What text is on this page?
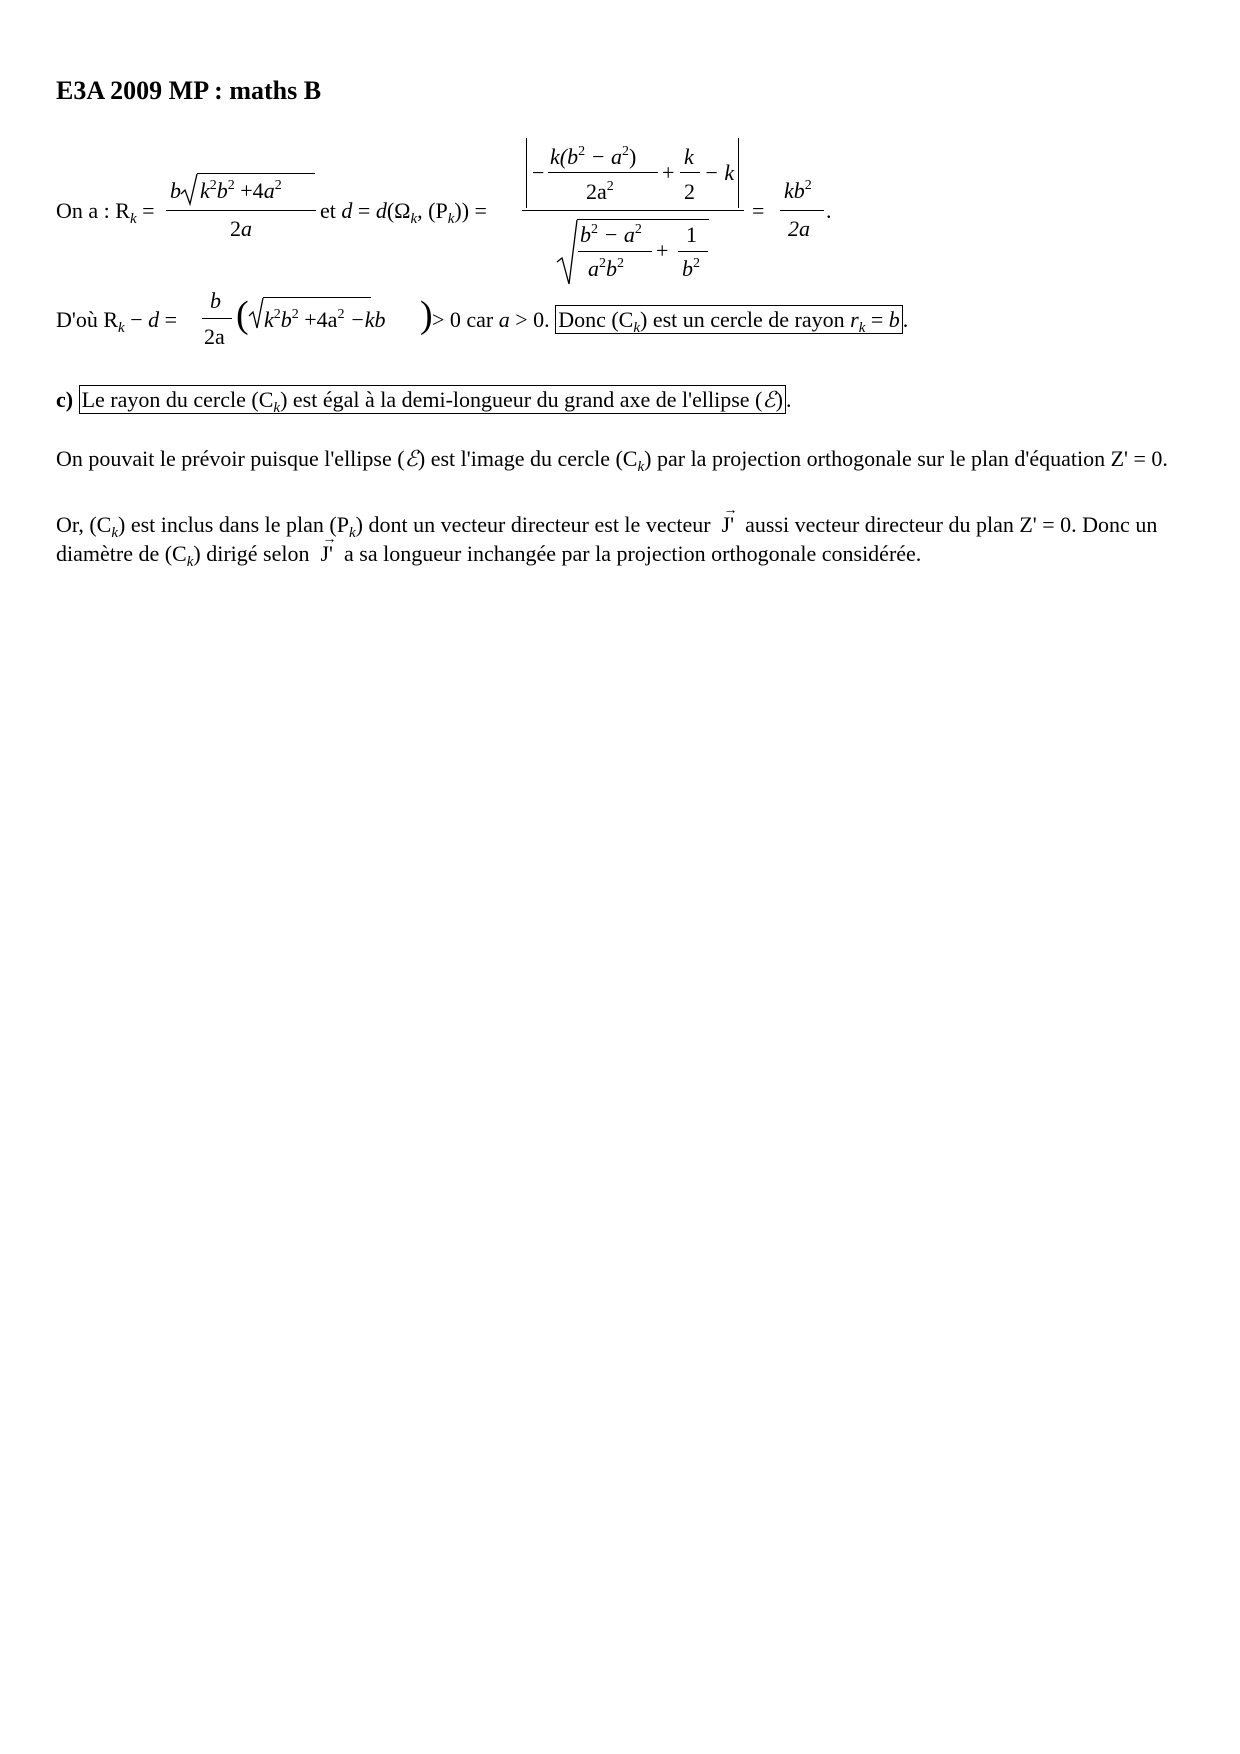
E3A 2009 MP : maths B
On a : $R_k$ =
b $k^2b^2 +4a^2$
2a
et $d = d(\Omega_k$, $(P_k)$) =
−
$k(b^2 - a^2)$
$2a^2$
+
k
2
− k
$b^2 - a^2$
$a^2b^2$
+
1
$b^2$
=
$kb^2$
2a
.
D'où $R_k - d$ =
b
2a
( $k^2b^2 +4a^2 -kb$ ) > 0 car a > 0. Donc $(C_k)$ est un cercle de rayon $r_k = b$ .
c) Le rayon du cercle $(C_k)$ est égal à la demi-longueur du grand axe de l'ellipse (ℰ) .
On pouvait le prévoir puisque l'ellipse (ℰ) est l'image du cercle $(C_k)$ par la projection orthogonale sur le plan d'équation Z' = 0.
Or, $(C_k)$ est inclus dans le plan $(P_k)$ dont un vecteur directeur est le vecteur  → J'  aussi vecteur directeur du plan Z' = 0. Donc un diamètre de $(C_k)$ dirigé selon  → J'  a sa longueur inchangée par la projection orthogonale considérée.
